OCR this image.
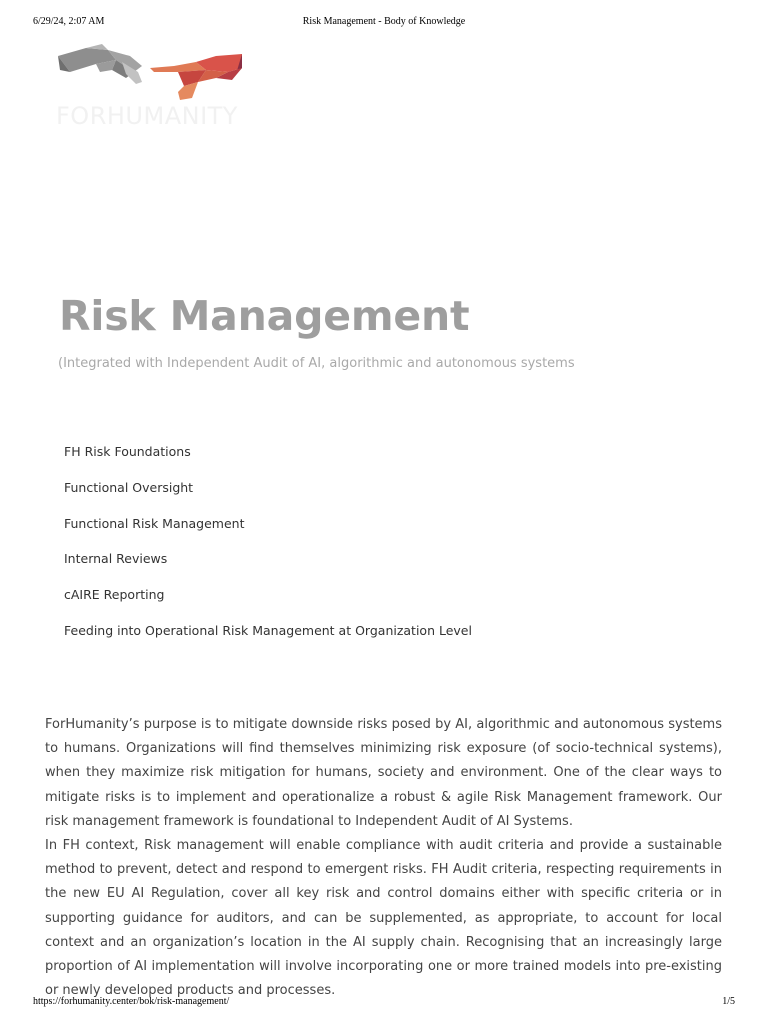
6/29/24, 2:07 AM	Risk Management - Body of Knowledge
FORHUMANITY
Risk Management
(Integrated with Independent Audit of AI, algorithmic and autonomous systems
FH Risk Foundations
Functional Oversight
Functional Risk Management
Internal Reviews
cAIRE Reporting
Feeding into Operational Risk Management at Organization Level

ForHumanity’s purpose is to mitigate downside risks posed by AI, algorithmic and autonomous systems to humans. Organizations will find themselves minimizing risk exposure (of socio-technical systems), when they maximize risk mitigation for humans, society and environment. One of the clear ways to mitigate risks is to implement and operationalize a robust & agile Risk Management framework. Our risk management framework is foundational to Independent Audit of AI Systems.

In FH context, Risk management will enable compliance with audit criteria and provide a sustainable method to prevent, detect and respond to emergent risks. FH Audit criteria, respecting requirements in the new EU AI Regulation, cover all key risk and control domains either with specific criteria or in supporting guidance for auditors, and can be supplemented, as appropriate, to account for local context and an organization’s location in the AI supply chain. Recognising that an increasingly large proportion of AI implementation will involve incorporating one or more trained models into pre-existing or newly developed products and processes.

https://forhumanity.center/bok/risk-management/	1/5
